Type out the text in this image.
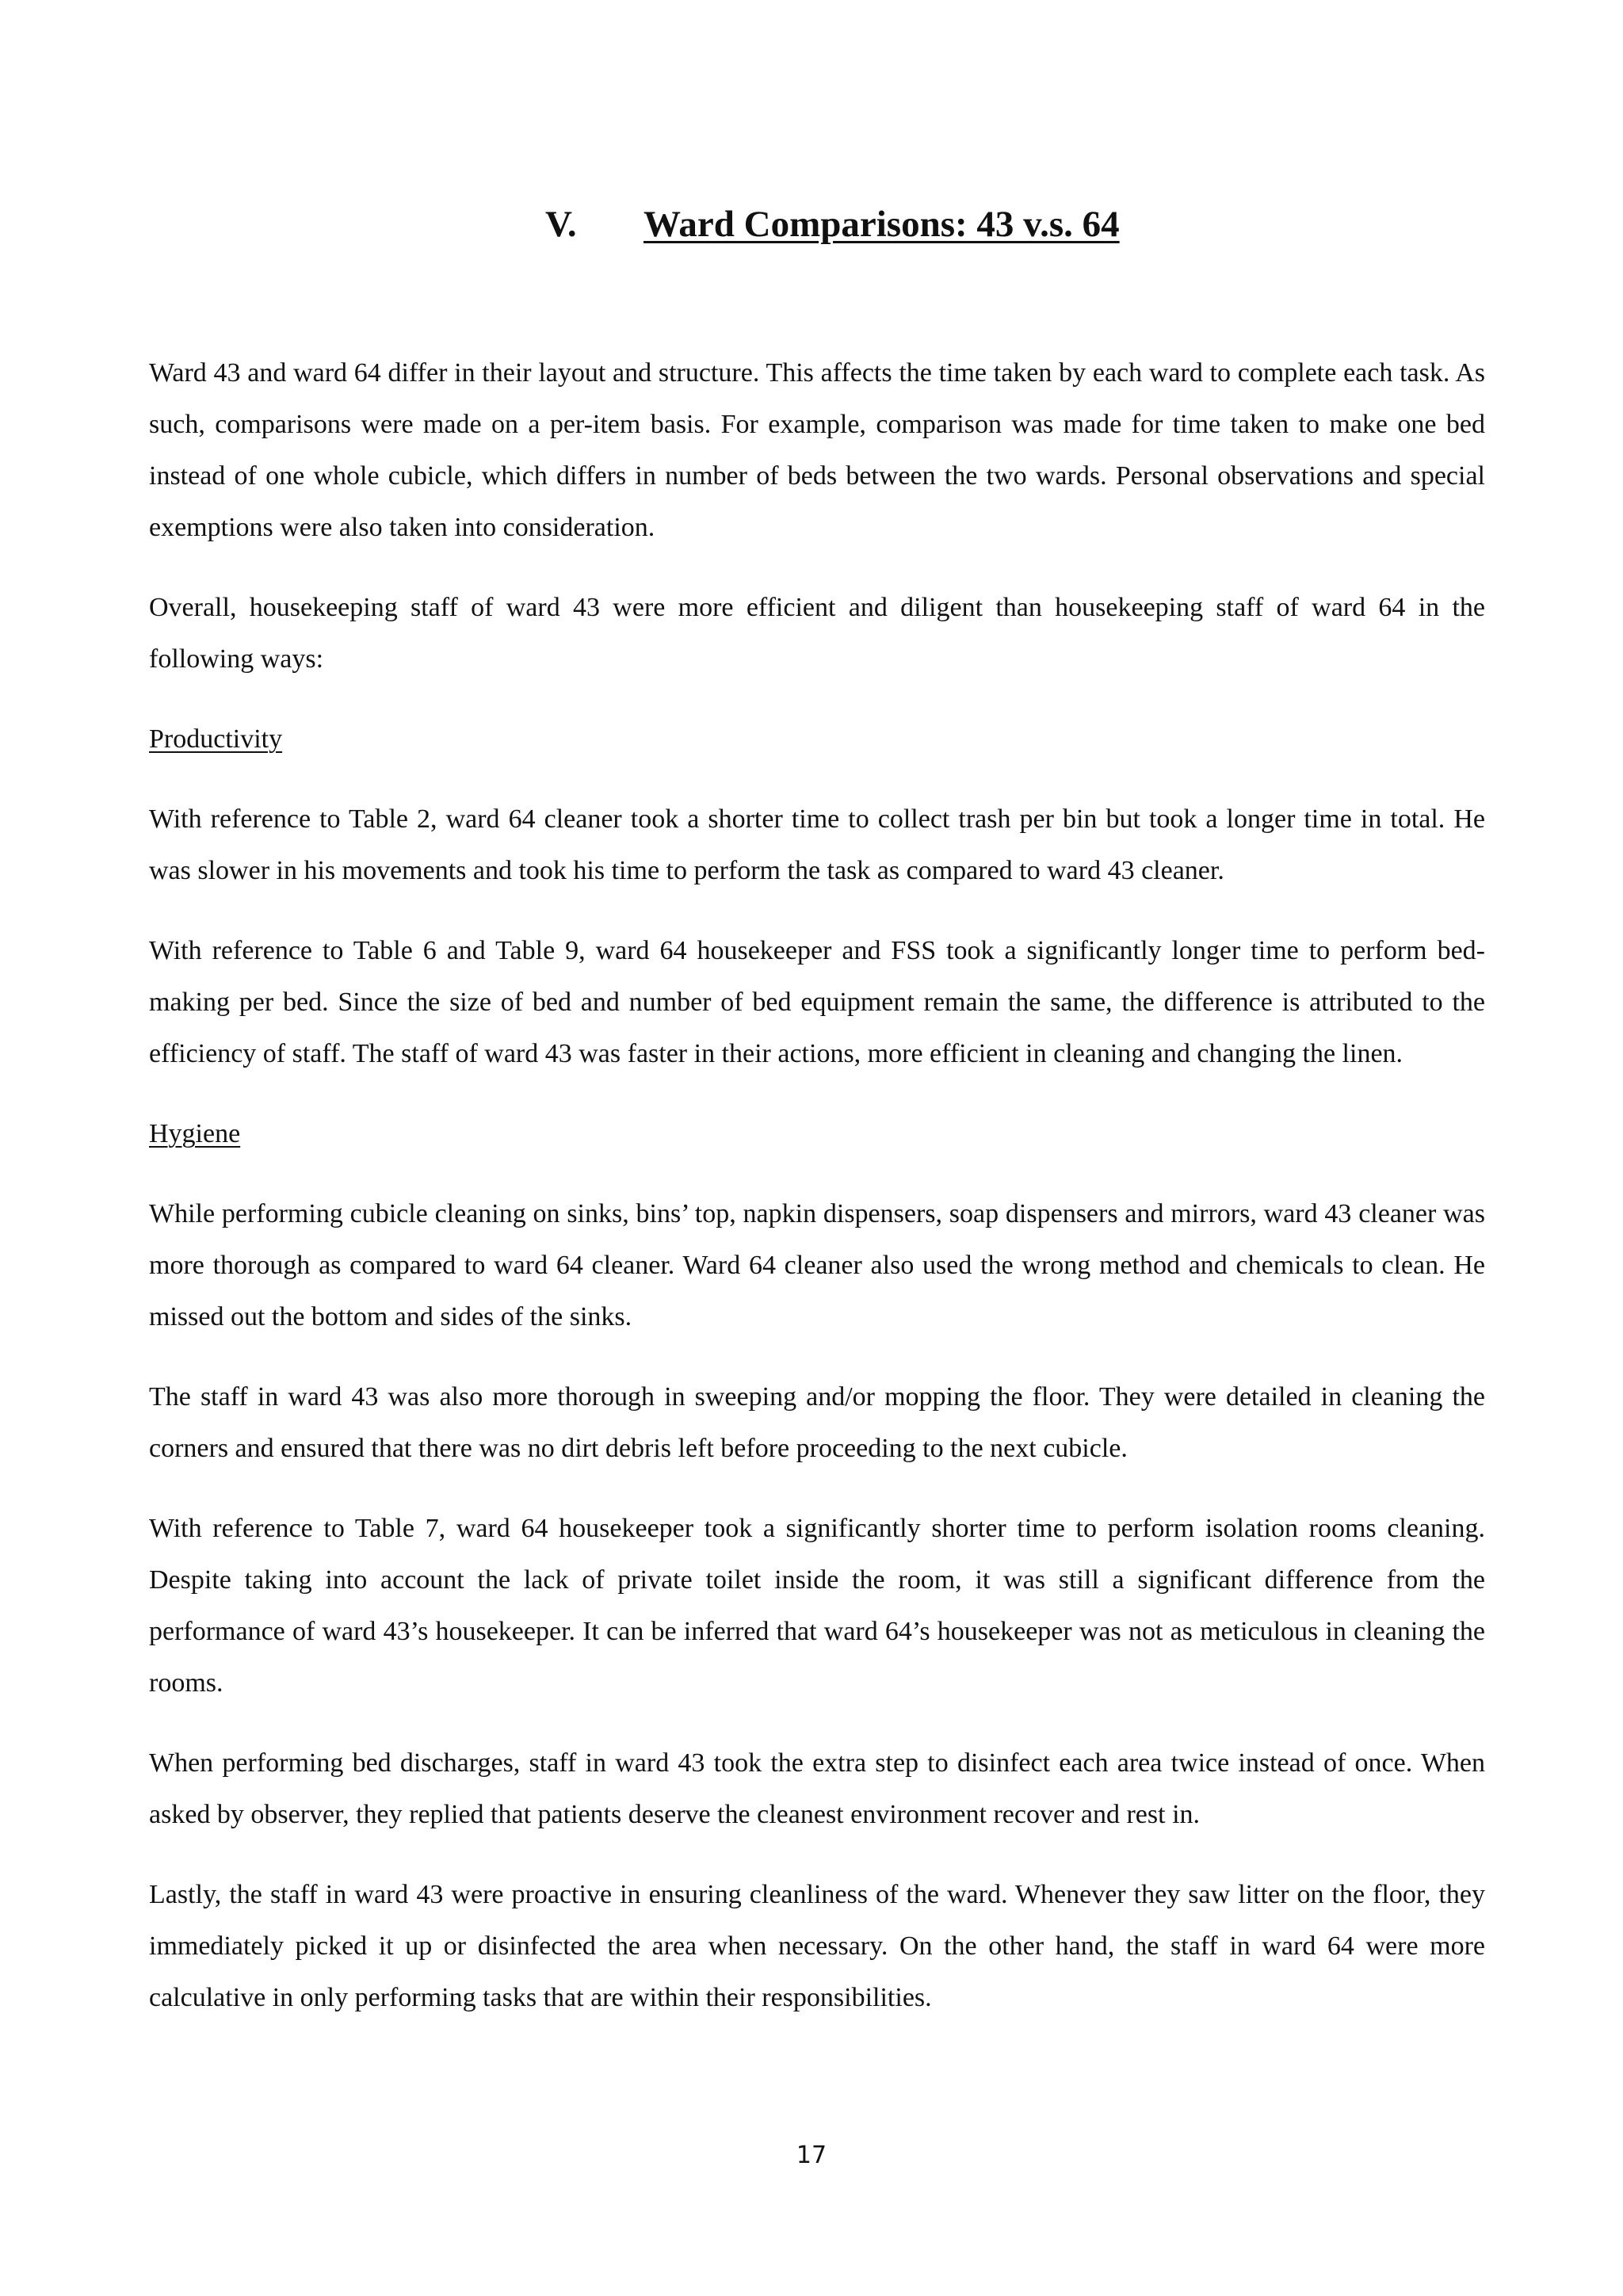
V. Ward Comparisons: 43 v.s. 64

Ward 43 and ward 64 differ in their layout and structure. This affects the time taken by each ward to complete each task. As such, comparisons were made on a per-item basis. For example, comparison was made for time taken to make one bed instead of one whole cubicle, which differs in number of beds between the two wards. Personal observations and special exemptions were also taken into consideration.

Overall, housekeeping staff of ward 43 were more efficient and diligent than housekeeping staff of ward 64 in the following ways:

Productivity

With reference to Table 2, ward 64 cleaner took a shorter time to collect trash per bin but took a longer time in total. He was slower in his movements and took his time to perform the task as compared to ward 43 cleaner.

With reference to Table 6 and Table 9, ward 64 housekeeper and FSS took a significantly longer time to perform bed-making per bed. Since the size of bed and number of bed equipment remain the same, the difference is attributed to the efficiency of staff. The staff of ward 43 was faster in their actions, more efficient in cleaning and changing the linen.

Hygiene

While performing cubicle cleaning on sinks, bins’ top, napkin dispensers, soap dispensers and mirrors, ward 43 cleaner was more thorough as compared to ward 64 cleaner. Ward 64 cleaner also used the wrong method and chemicals to clean. He missed out the bottom and sides of the sinks.

The staff in ward 43 was also more thorough in sweeping and/or mopping the floor. They were detailed in cleaning the corners and ensured that there was no dirt debris left before proceeding to the next cubicle.

With reference to Table 7, ward 64 housekeeper took a significantly shorter time to perform isolation rooms cleaning. Despite taking into account the lack of private toilet inside the room, it was still a significant difference from the performance of ward 43’s housekeeper. It can be inferred that ward 64’s housekeeper was not as meticulous in cleaning the rooms.

When performing bed discharges, staff in ward 43 took the extra step to disinfect each area twice instead of once. When asked by observer, they replied that patients deserve the cleanest environment recover and rest in.

Lastly, the staff in ward 43 were proactive in ensuring cleanliness of the ward. Whenever they saw litter on the floor, they immediately picked it up or disinfected the area when necessary. On the other hand, the staff in ward 64 were more calculative in only performing tasks that are within their responsibilities.

17
